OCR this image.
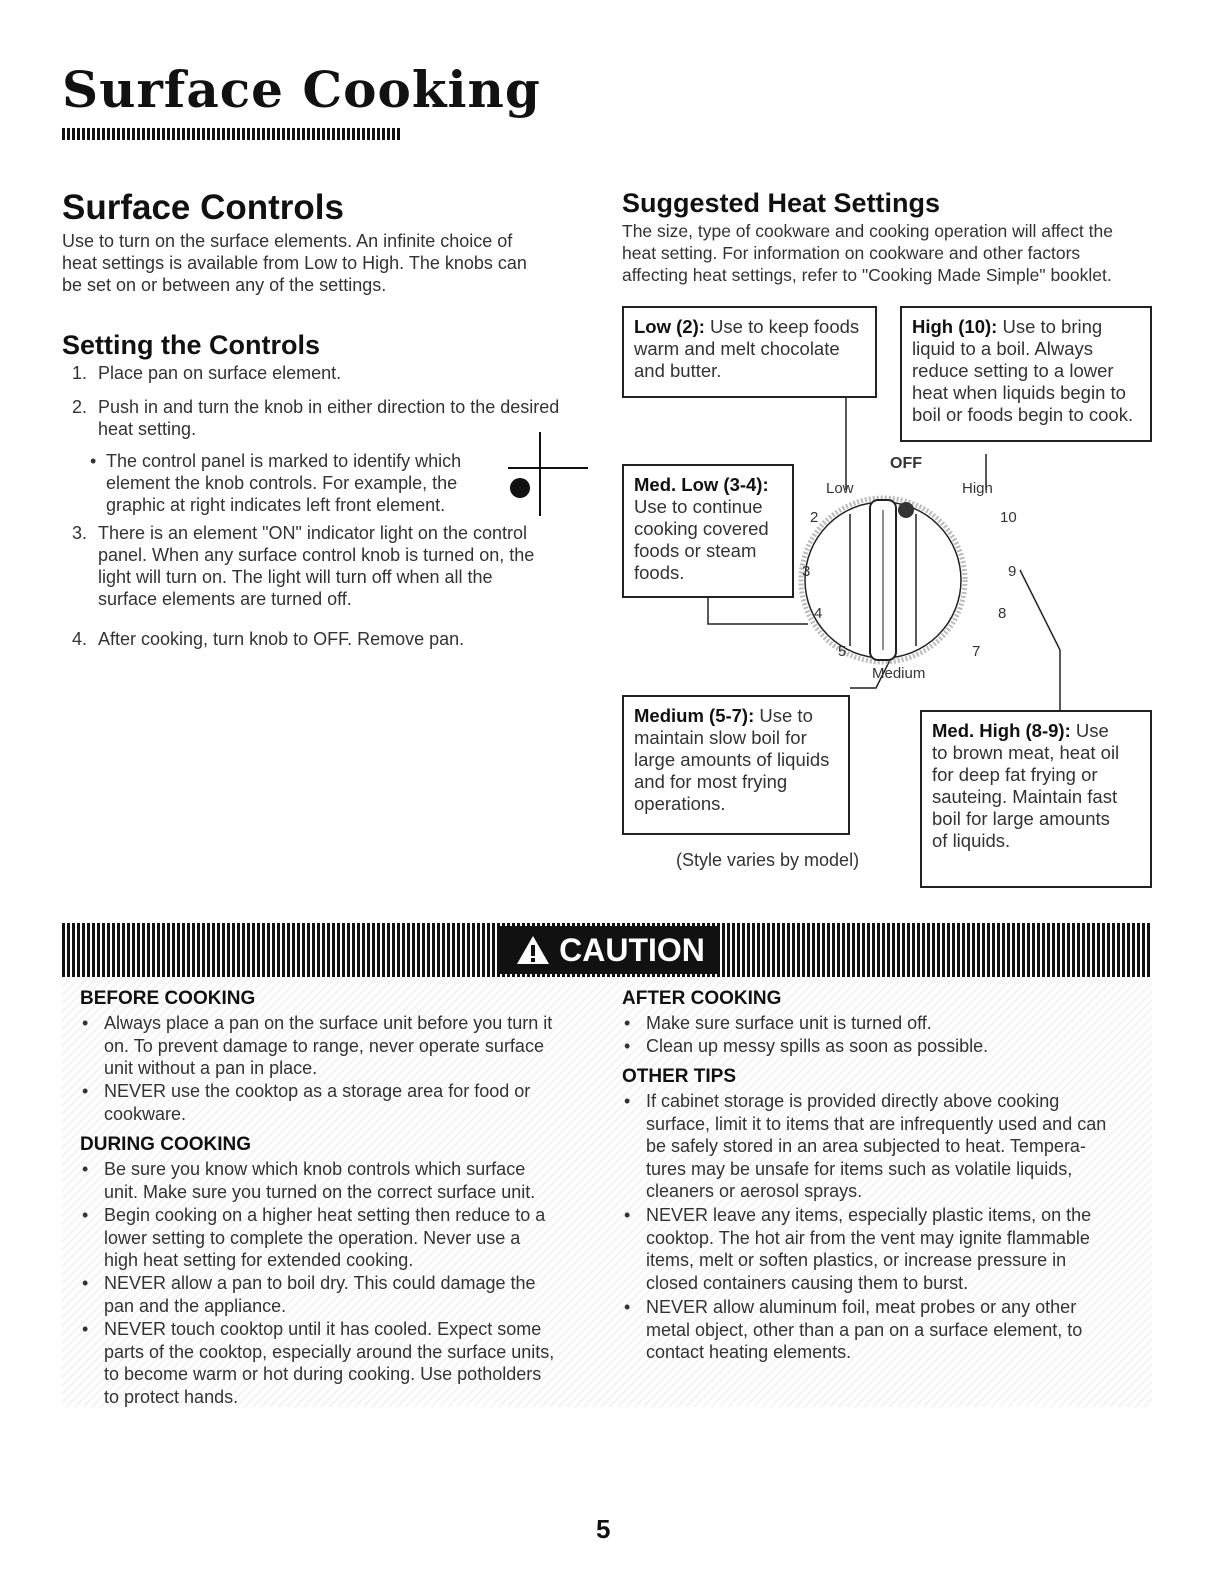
Surface Cooking
Surface Controls
Use to turn on the surface elements. An infinite choice of
heat settings is available from Low to High. The knobs can
be set on or between any of the settings.
Setting the Controls
1. Place pan on surface element.
2. Push in and turn the knob in either direction to the desired
heat setting.
• The control panel is marked to identify which
element the knob controls. For example, the
graphic at right indicates left front element.
3. There is an element "ON" indicator light on the control
panel. When any surface control knob is turned on, the
light will turn on. The light will turn off when all the
surface elements are turned off.
4. After cooking, turn knob to OFF. Remove pan.
Suggested Heat Settings
The size, type of cookware and cooking operation will affect the
heat setting. For information on cookware and other factors
affecting heat settings, refer to "Cooking Made Simple" booklet.
OFF
Low	High
2
3
4
5	7
8
9
10
Medium
Low (2): Use to keep foods
warm and melt chocolate
and butter.
High (10): Use to bring
liquid to a boil. Always
reduce setting to a lower
heat when liquids begin to
boil or foods begin to cook.
Med. Low (3-4):
Use to continue
cooking covered
foods or steam
foods.
Medium (5-7): Use to
maintain slow boil for
large amounts of liquids
and for most frying
operations.
Med. High (8-9): Use
to brown meat, heat oil
for deep fat frying or
sauteing. Maintain fast
boil for large amounts
of liquids.
(Style varies by model)
CAUTION
BEFORE COOKING
• Always place a pan on the surface unit before you turn it
on. To prevent damage to range, never operate surface
unit without a pan in place.
• NEVER use the cooktop as a storage area for food or
cookware.
DURING COOKING
• Be sure you know which knob controls which surface
unit. Make sure you turned on the correct surface unit.
• Begin cooking on a higher heat setting then reduce to a
lower setting to complete the operation. Never use a
high heat setting for extended cooking.
• NEVER allow a pan to boil dry. This could damage the
pan and the appliance.
• NEVER touch cooktop until it has cooled. Expect some
parts of the cooktop, especially around the surface units,
to become warm or hot during cooking. Use potholders
to protect hands.
AFTER COOKING
• Make sure surface unit is turned off.
• Clean up messy spills as soon as possible.
OTHER TIPS
• If cabinet storage is provided directly above cooking
surface, limit it to items that are infrequently used and can
be safely stored in an area subjected to heat. Tempera-
tures may be unsafe for items such as volatile liquids,
cleaners or aerosol sprays.
• NEVER leave any items, especially plastic items, on the
cooktop. The hot air from the vent may ignite flammable
items, melt or soften plastics, or increase pressure in
closed containers causing them to burst.
• NEVER allow aluminum foil, meat probes or any other
metal object, other than a pan on a surface element, to
contact heating elements.
5
